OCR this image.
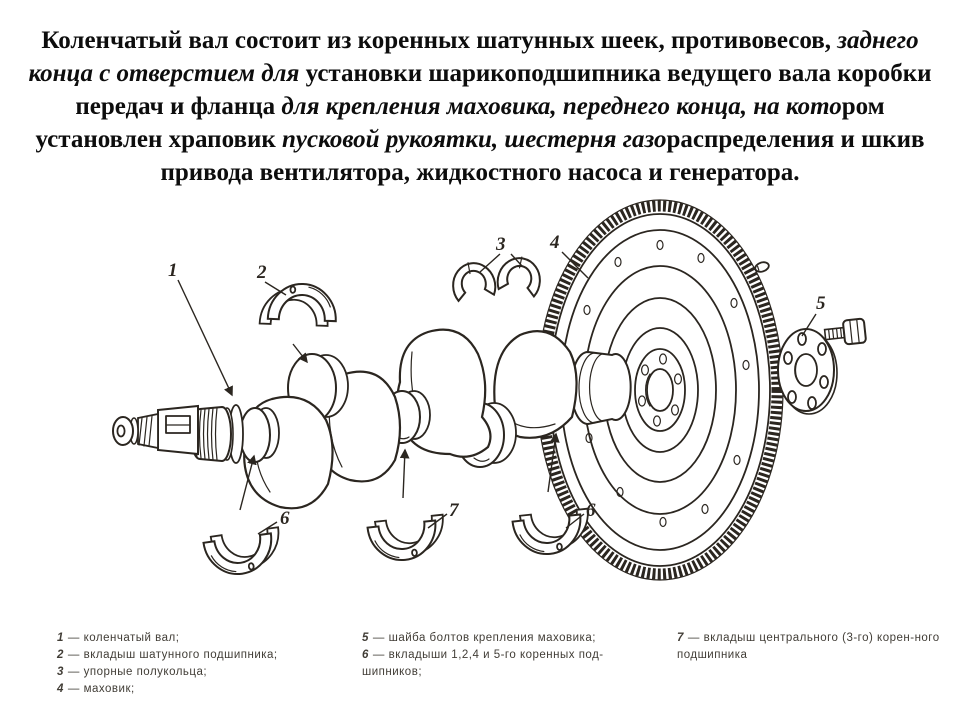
Коленчатый вал состоит из коренных шатунных шеек, противовесов, заднего
конца с отверстием для установки шарикоподшипника ведущего вала коробки
передач и фланца для крепления маховика, переднего конца, на котором
установлен храповик пусковой рукоятки, шестерня газораспределения и шкив
привода вентилятора, жидкостного насоса и генератора.
1	2
3 4
5
6	7	6

1 — коленчатый вал;

2 — вкладыш шатунного подшипника;

3 — упорные полукольца;

4 — маховик;

5 — шайба болтов крепления маховика;

6 — вкладыши 1,2,4 и 5-го коренных под-шипников;

7 — вкладыш центрального (3-го) корен-ного подшипника
